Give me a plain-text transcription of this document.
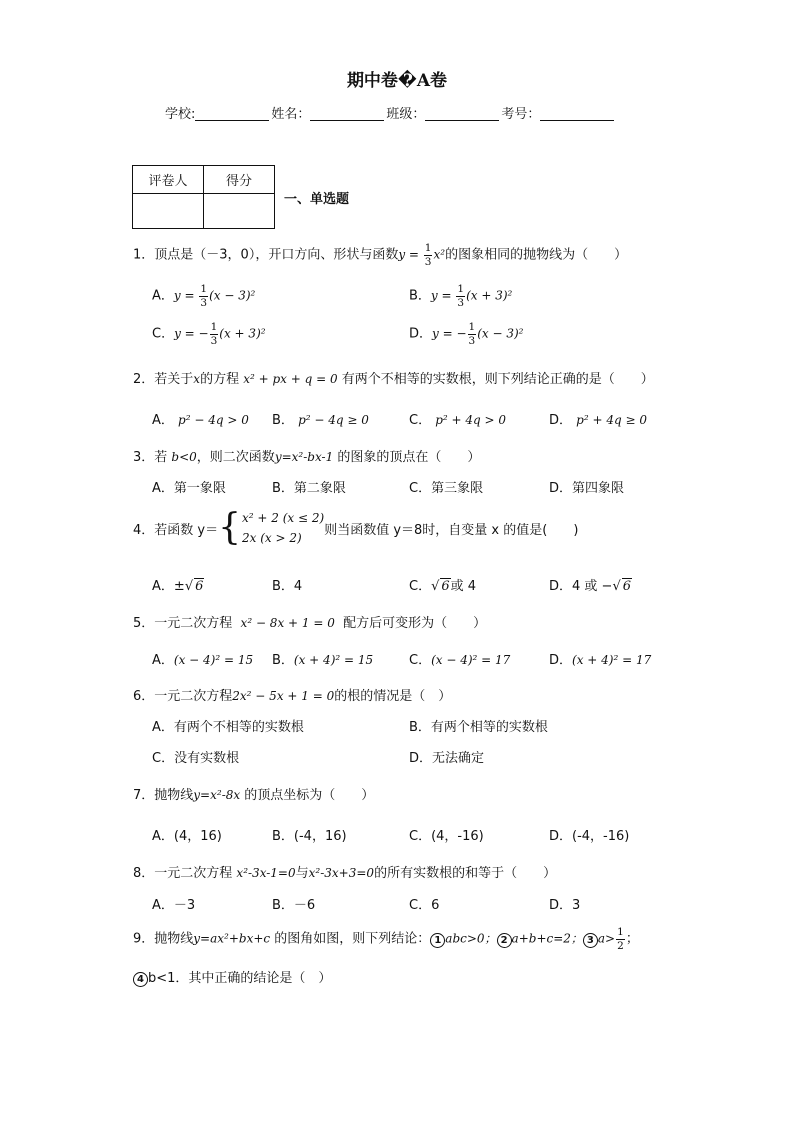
期中卷�A卷
学校:	姓名：	班级：	考号：
评卷人	得分

一、单选题
1．顶点是（－3，0），开口方向、形状与函数$y = \frac{1}{3} x^2$的图象相同的抛物线为（　　）
A．$y = \frac{1}{3} (x - 3)^2$	B．$y = \frac{1}{3} (x + 3)^2$
C．y = − $\frac{1}{3} (x + 3)^2$	D．y = − $\frac{1}{3} (x - 3)^2$
2．若关于x的方程 x² + px + q = 0 有两个不相等的实数根，则下列结论正确的是（　　）
A． p² − 4q > 0 B． p² − 4q ≥ 0	C． p² + 4q > 0	D． p² + 4q ≥ 0
3．若 b<0，则二次函数y=x²-bx-1 的图象的顶点在（　　）
A．第一象限	B．第二象限	C．第三象限	D．第四象限
4．若函数 y＝ { x² + 2 (x ≤ 2)
2x (x > 2)
则当函数值 y＝8时，自变量 x 的值是(　　)
A．±√ 6	B．4	C．√ 6或 4	D．4 或 −√ 6
5．一元二次方程 x² − 8x + 1 = 0 配方后可变形为（　　）
A．(x − 4)² = 15 B．(x + 4)² = 15	C．(x − 4)² = 17	D．(x + 4)² = 17
6．一元二次方程2x² − 5x + 1 = 0的根的情况是（　）
A．有两个不相等的实数根	B．有两个相等的实数根
C．没有实数根	D．无法确定
7．抛物线y=x²-8x 的顶点坐标为（　　）
A．(4，16)	B．(-4，16)	C．(4，-16)	D．(-4，-16)
8．一元二次方程 x²-3x-1=0与x²-3x+3=0的所有实数根的和等于（　　）
A．－3	B．－6	C．6	D．3
9．抛物线y=ax²+bx+c 的图角如图，则下列结论： 1 abc>0； 2 a+b+c=2； 3 $a> \frac{1}{2}$ ；
4 b<1．其中正确的结论是（　）
